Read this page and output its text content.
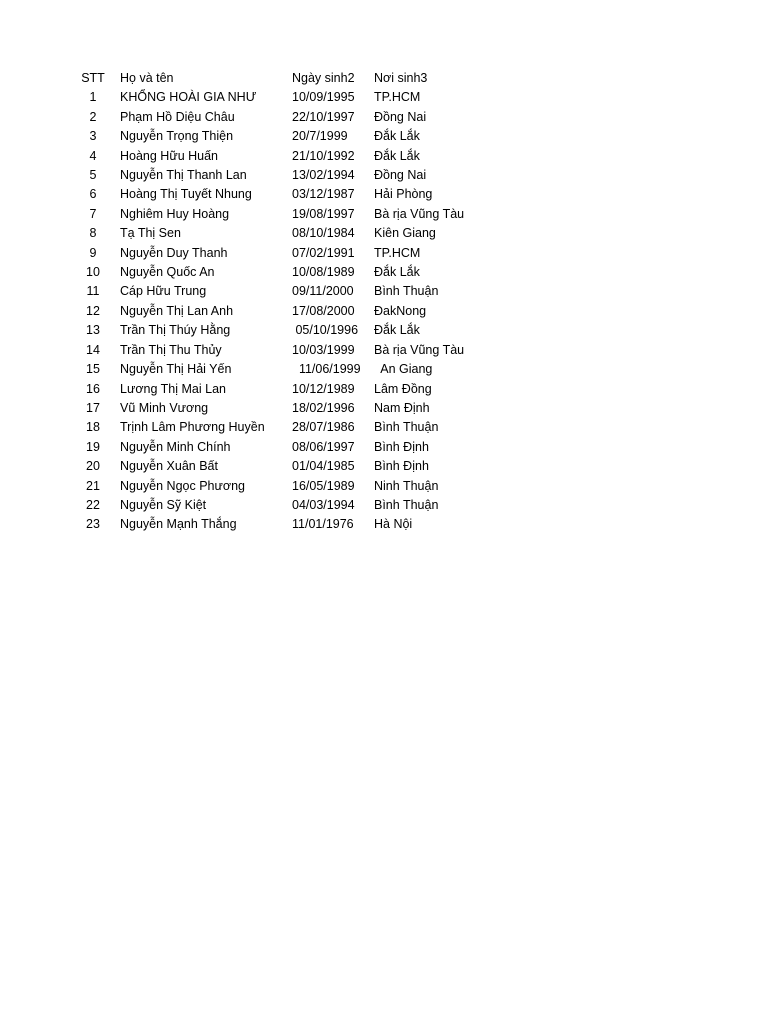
STT	Họ và tên	Ngày sinh2	Nơi sinh3
1	KHỔNG HOÀI GIA NHƯ	10/09/1995	TP.HCM
2	Phạm Hồ Diệu Châu	22/10/1997	Đồng Nai
3	Nguyễn Trọng Thiện	20/7/1999	Đắk Lắk
4	Hoàng Hữu Huấn	21/10/1992	Đắk Lắk
5	Nguyễn Thị Thanh Lan	13/02/1994	Đồng Nai
6	Hoàng Thị Tuyết Nhung	03/12/1987	Hải Phòng
7	Nghiêm Huy Hoàng	19/08/1997	Bà rịa Vũng Tàu
8	Tạ Thị Sen	08/10/1984	Kiên Giang
9	Nguyễn Duy Thanh	07/02/1991	TP.HCM
10	Nguyễn Quốc An	10/08/1989	Đắk Lắk
11	Cáp Hữu Trung	09/11/2000	Bình Thuận
12	Nguyễn Thị Lan Anh	17/08/2000	ĐakNong
13	Trần Thị Thúy Hằng	05/10/1996	Đắk Lắk
14	Trần Thị Thu Thủy	10/03/1999	Bà rịa Vũng Tàu
15	Nguyễn Thị Hải Yến	11/06/1999	An Giang
16	Lương Thị Mai Lan	10/12/1989	Lâm Đồng
17	Vũ Minh Vương	18/02/1996	Nam Định
18	Trịnh Lâm Phương Huyền	28/07/1986	Bình Thuận
19	Nguyễn Minh Chính	08/06/1997	Bình Định
20	Nguyễn Xuân Bất	01/04/1985	Bình Định
21	Nguyễn Ngọc Phương	16/05/1989	Ninh Thuận
22	Nguyễn Sỹ Kiệt	04/03/1994	Bình Thuận
23	Nguyễn Mạnh Thắng	11/01/1976	Hà Nội
